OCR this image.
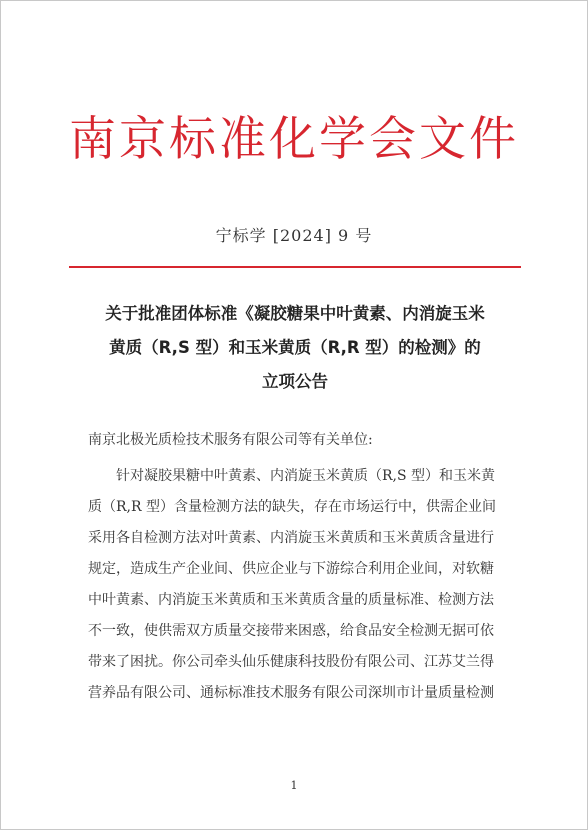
南京标准化学会文件
宁标学 [2024] 9 号
关于批准团体标准《凝胶糖果中叶黄素、内消旋玉米
黄质（R,S 型）和玉米黄质（R,R 型）的检测》的
立项公告
南京北极光质检技术服务有限公司等有关单位:
针对凝胶果糖中叶黄素、内消旋玉米黄质（R,S 型）和玉米黄
质（R,R 型）含量检测方法的缺失，存在市场运行中，供需企业间
采用各自检测方法对叶黄素、内消旋玉米黄质和玉米黄质含量进行
规定，造成生产企业间、供应企业与下游综合利用企业间，对软糖
中叶黄素、内消旋玉米黄质和玉米黄质含量的质量标准、检测方法
不一致，使供需双方质量交接带来困惑，给食品安全检测无据可依
带来了困扰。你公司牵头仙乐健康科技股份有限公司、江苏艾兰得
营养品有限公司、通标标准技术服务有限公司深圳市计量质量检测
1
